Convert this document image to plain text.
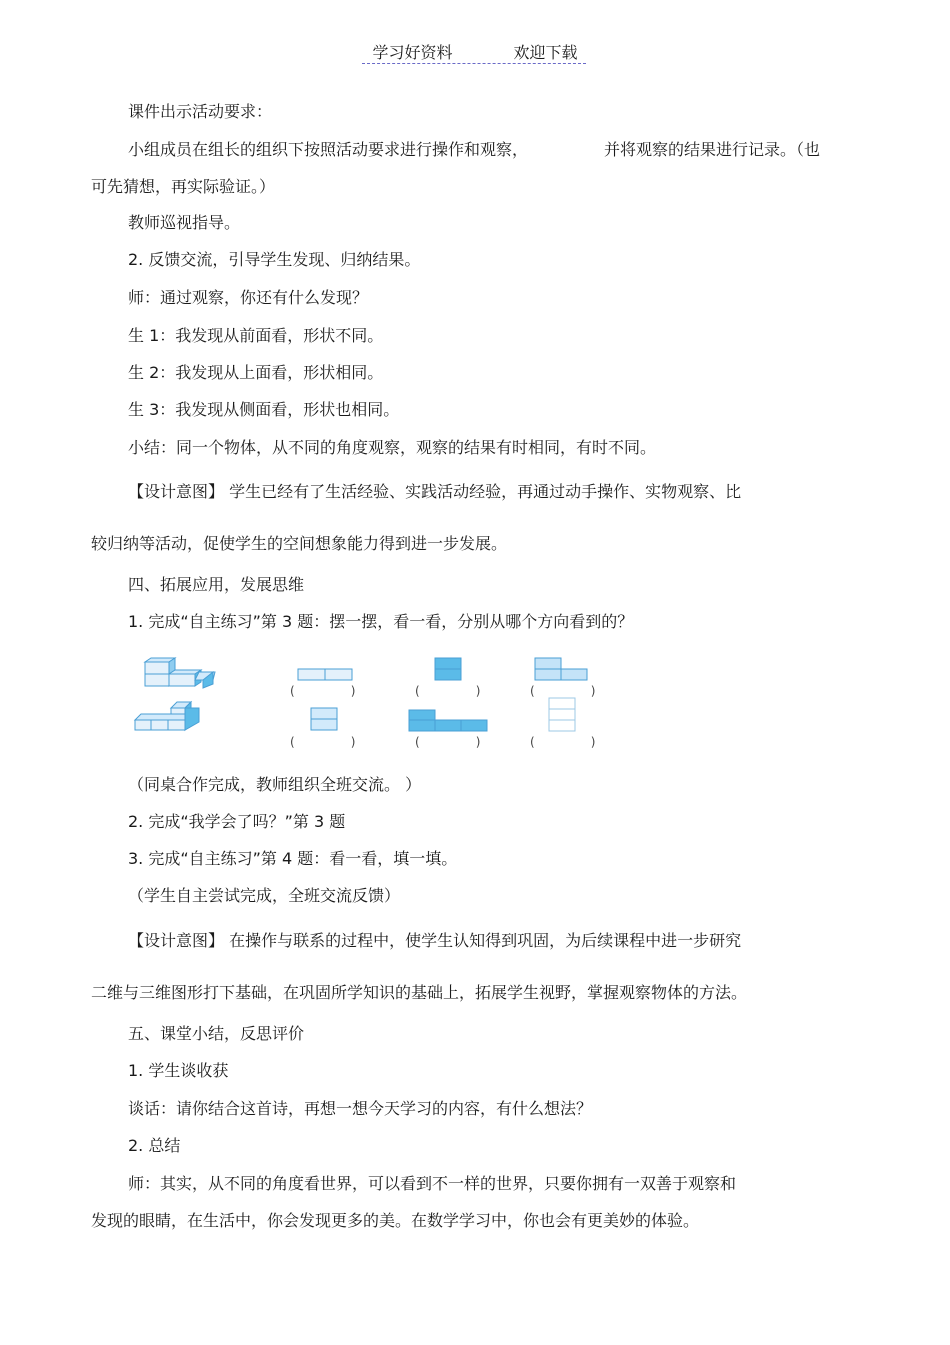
学习好资料	欢迎下载
课件出示活动要求：
小组成员在组长的组织下按照活动要求进行操作和观察，	并将观察的结果进行记录。（也
可先猜想，再实际验证。）
教师巡视指导。
2. 反馈交流，引导学生发现、归纳结果。
师：通过观察，你还有什么发现？
生 1：我发现从前面看，形状不同。
生 2：我发现从上面看，形状相同。
生 3：我发现从侧面看，形状也相同。
小结：同一个物体，从不同的角度观察，观察的结果有时相同，有时不同。
【设计意图】 学生已经有了生活经验、实践活动经验，再通过动手操作、实物观察、比
较归纳等活动，促使学生的空间想象能力得到进一步发展。
四、拓展应用，发展思维
1. 完成“自主练习”第 3 题：摆一摆，看一看，分别从哪个方向看到的？
(	)	(	)	(	)
(	)	(	)	(	)
（同桌合作完成，教师组织全班交流。 ）
2. 完成“我学会了吗？”第 3 题
3. 完成“自主练习”第 4 题：看一看，填一填。
（学生自主尝试完成，全班交流反馈）
【设计意图】 在操作与联系的过程中，使学生认知得到巩固，为后续课程中进一步研究
二维与三维图形打下基础，在巩固所学知识的基础上，拓展学生视野，掌握观察物体的方法。
五、课堂小结，反思评价
1. 学生谈收获
谈话：请你结合这首诗，再想一想今天学习的内容，有什么想法？
2. 总结
师：其实，从不同的角度看世界，可以看到不一样的世界，只要你拥有一双善于观察和
发现的眼睛，在生活中，你会发现更多的美。在数学学习中，你也会有更美妙的体验。
